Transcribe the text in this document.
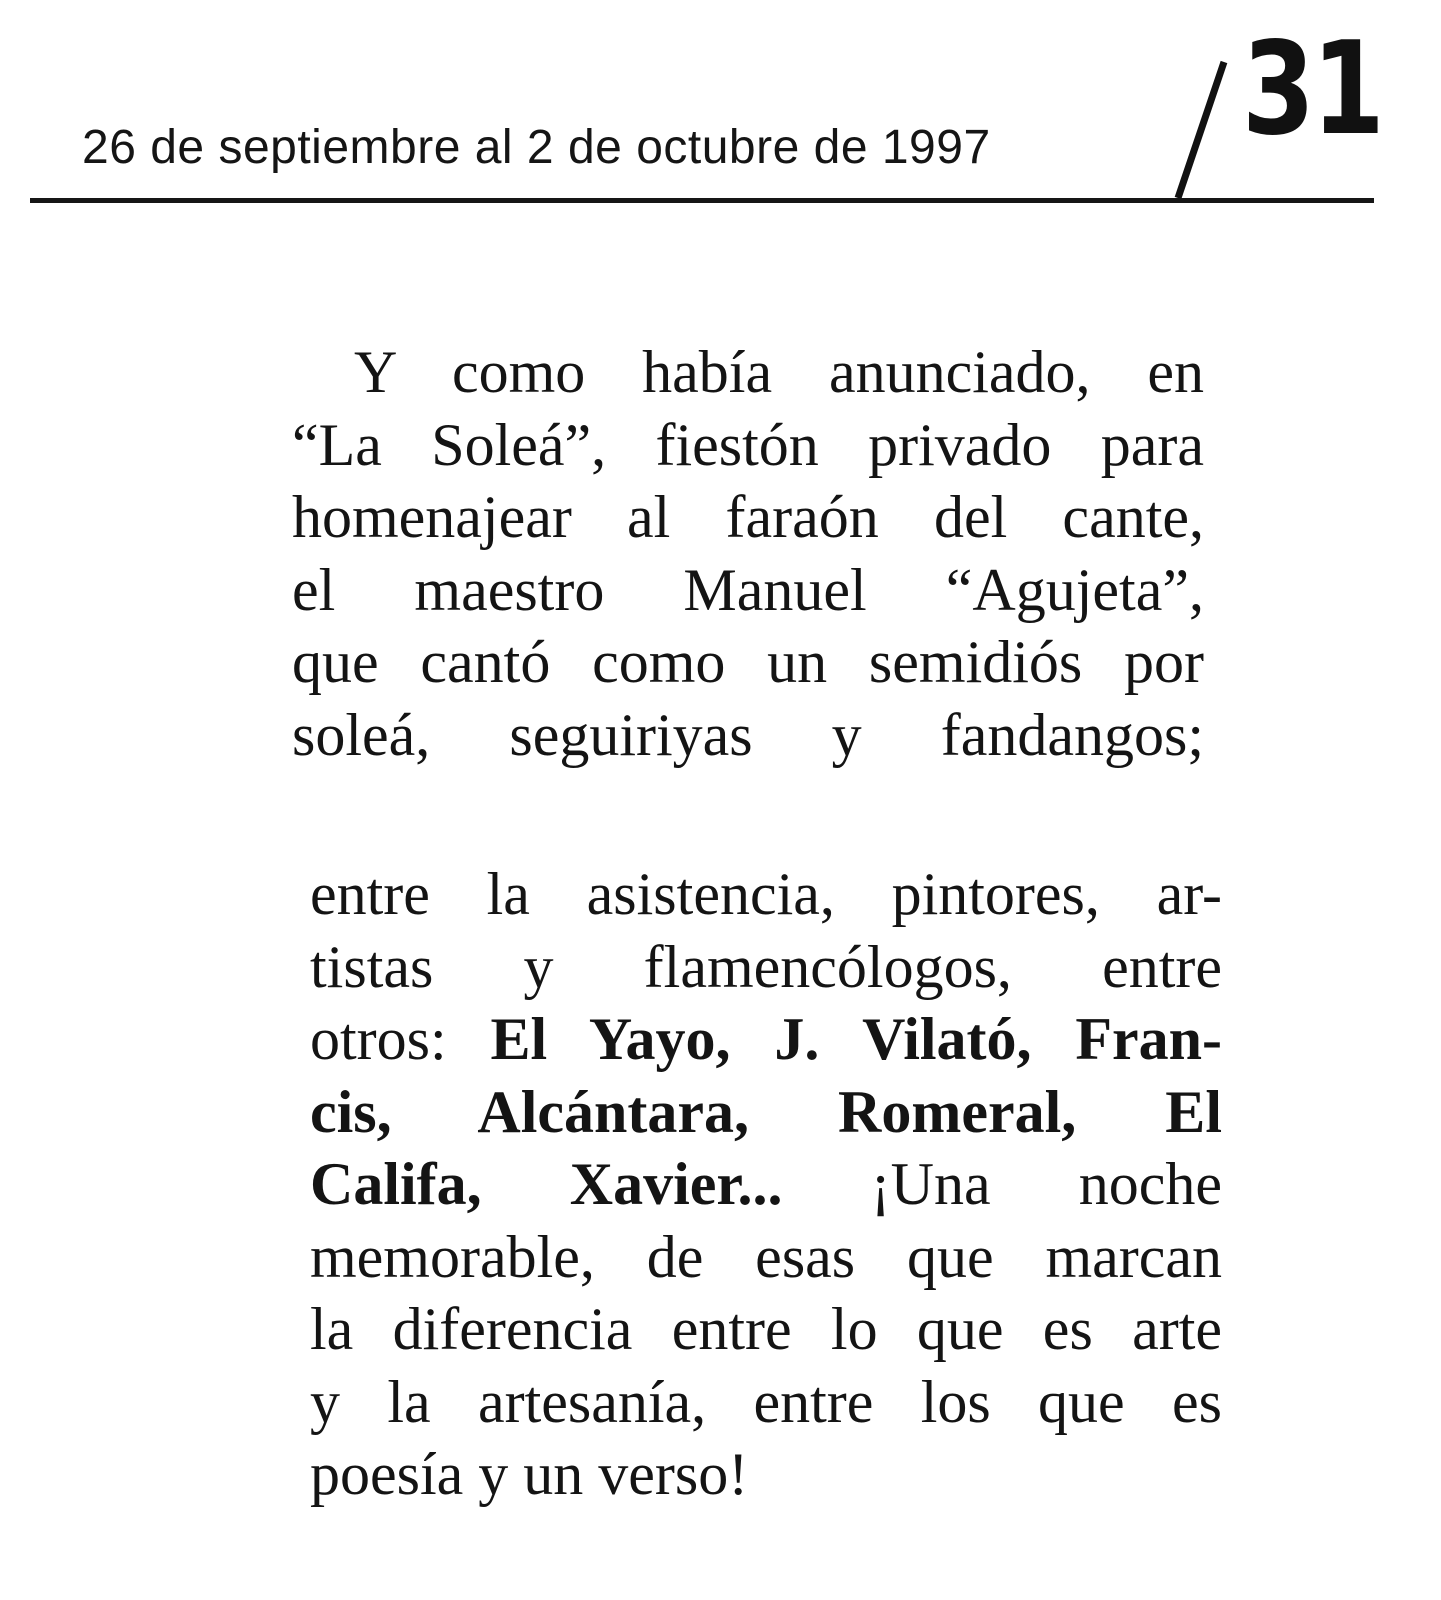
26 de septiembre al 2 de octubre de 1997 31
Y como había anunciado, en
“La Soleá”, fiestón privado para
homenajear al faraón del cante,
el maestro Manuel “Agujeta”,
que cantó como un semidiós por
soleá, seguiriyas y fandangos;
entre la asistencia, pintores, ar-
tistas y flamencólogos, entre
otros: El Yayo, J. Vilató, Fran-
cis, Alcántara, Romeral, El
Califa, Xavier... ¡Una noche
memorable, de esas que marcan
la diferencia entre lo que es arte
y la artesanía, entre los que es
poesía y un verso!
